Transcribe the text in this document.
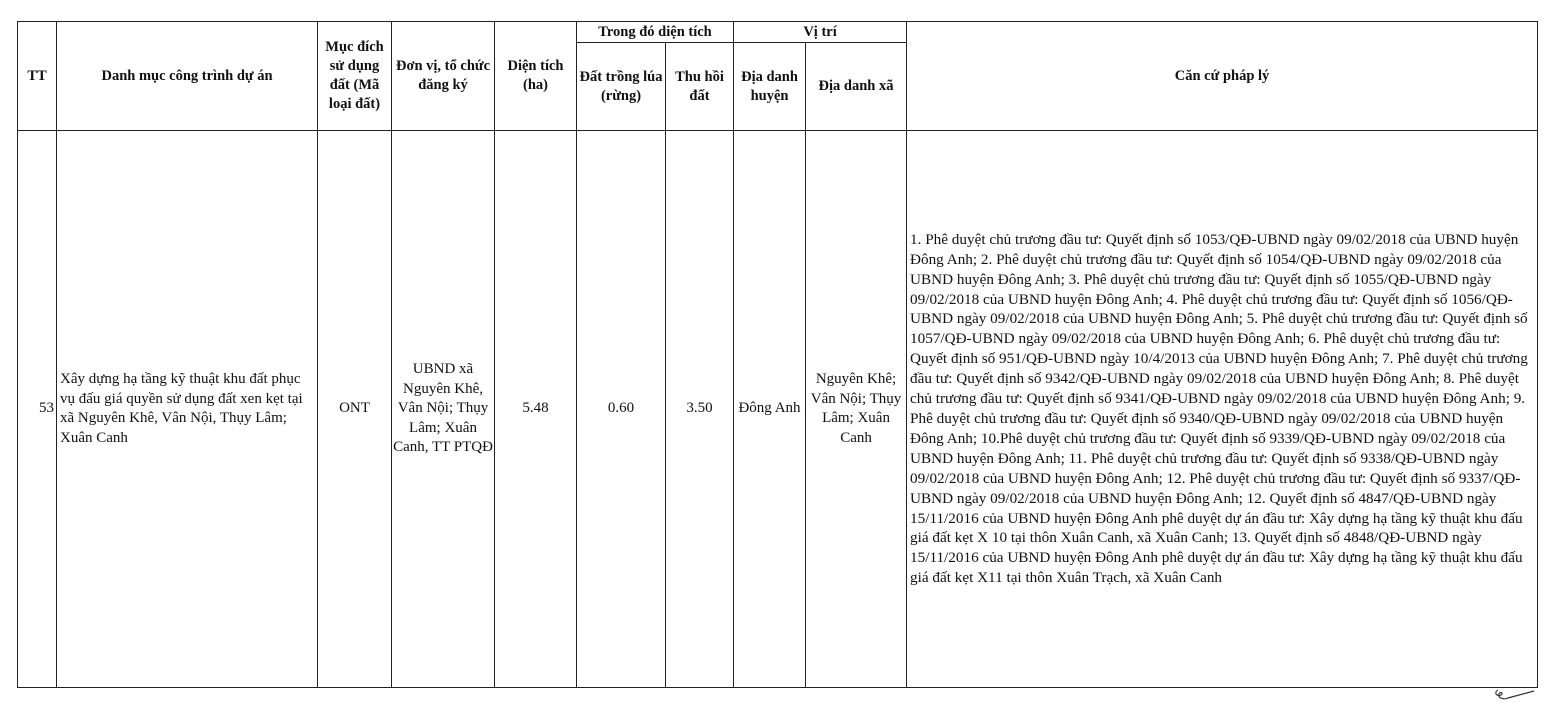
TT	Danh mục công trình dự án	Mục đích sử dụng đất (Mã loại đất)	Đơn vị, tổ chức đăng ký	Diện tích (ha)	Trong đó diện tích		Vị trí		Căn cứ pháp lý
					Đất trồng lúa (rừng)	Thu hồi đất	Địa danh huyện	Địa danh xã	
53	Xây dựng hạ tầng kỹ thuật khu đất phục vụ đấu giá quyền sử dụng đất xen kẹt tại xã Nguyên Khê, Vân Nội, Thụy Lâm; Xuân Canh	ONT	UBND xã Nguyên Khê, Vân Nội; Thụy Lâm; Xuân Canh, TT PTQĐ	5.48	0.60	3.50	Đông Anh	Nguyên Khê; Vân Nội; Thụy Lâm; Xuân Canh	1. Phê duyệt chủ trương đầu tư: Quyết định số 1053/QĐ-UBND ngày 09/02/2018 của UBND huyện Đông Anh; 2. Phê duyệt chủ trương đầu tư: Quyết định số 1054/QĐ-UBND ngày 09/02/2018 của UBND huyện Đông Anh; 3. Phê duyệt chủ trương đầu tư: Quyết định số 1055/QĐ-UBND ngày 09/02/2018 của UBND huyện Đông Anh; 4. Phê duyệt chủ trương đầu tư: Quyết định số 1056/QĐ-UBND ngày 09/02/2018 của UBND huyện Đông Anh; 5. Phê duyệt chủ trương đầu tư: Quyết định số 1057/QĐ-UBND ngày 09/02/2018 của UBND huyện Đông Anh; 6. Phê duyệt chủ trương đầu tư: Quyết định số 951/QĐ-UBND ngày 10/4/2013 của UBND huyện Đông Anh; 7. Phê duyệt chủ trương đầu tư: Quyết định số 9342/QĐ-UBND ngày 09/02/2018 của UBND huyện Đông Anh; 8. Phê duyệt chủ trương đầu tư: Quyết định số 9341/QĐ-UBND ngày 09/02/2018 của UBND huyện Đông Anh; 9. Phê duyệt chủ trương đầu tư: Quyết định số 9340/QĐ-UBND ngày 09/02/2018 của UBND huyện Đông Anh; 10.Phê duyệt chủ trương đầu tư: Quyết định số 9339/QĐ-UBND ngày 09/02/2018 của UBND huyện Đông Anh; 11. Phê duyệt chủ trương đầu tư: Quyết định số 9338/QĐ-UBND ngày 09/02/2018 của UBND huyện Đông Anh; 12. Phê duyệt chủ trương đầu tư: Quyết định số 9337/QĐ-UBND ngày 09/02/2018 của UBND huyện Đông Anh; 12. Quyết định số 4847/QĐ-UBND ngày 15/11/2016 của UBND huyện Đông Anh phê duyệt dự án đầu tư: Xây dựng hạ tầng kỹ thuật khu đấu giá đất kẹt X 10 tại thôn Xuân Canh, xã Xuân Canh; 13. Quyết định số 4848/QĐ-UBND ngày 15/11/2016 của UBND huyện Đông Anh phê duyệt dự án đầu tư: Xây dựng hạ tầng kỹ thuật khu đấu giá đất kẹt X11 tại thôn Xuân Trạch, xã Xuân Canh
